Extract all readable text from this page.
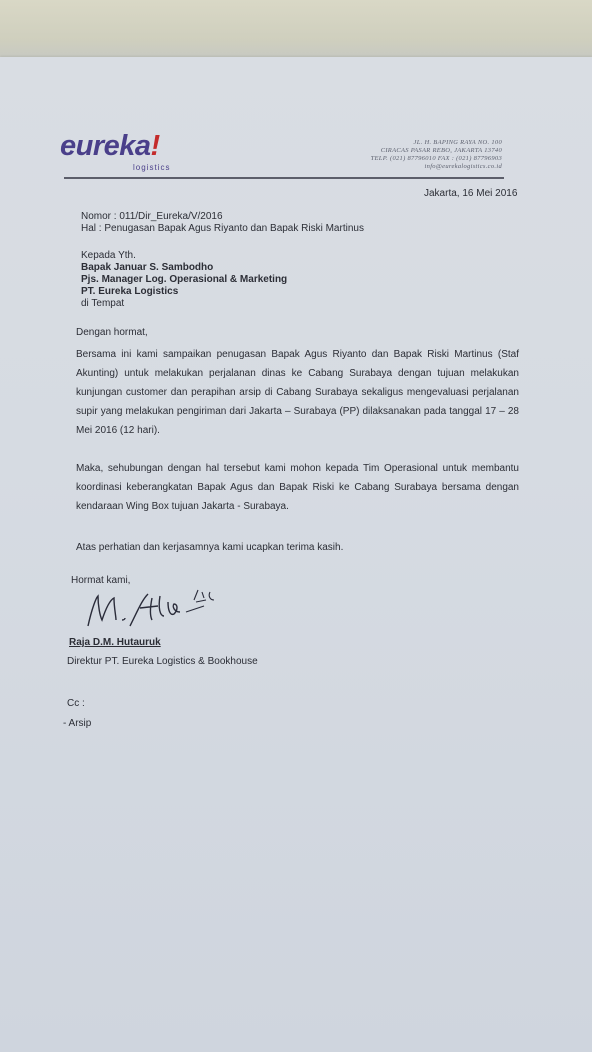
eureka!
logistics
JL. H. BAPING RAYA NO. 100
CIRACAS PASAR REBO, JAKARTA 13740
TELP. (021) 87796010 FAX : (021) 87796903
info@eurekalogistics.co.id
Jakarta, 16 Mei 2016
Nomor : 011/Dir_Eureka/V/2016
Hal : Penugasan Bapak Agus Riyanto dan Bapak Riski Martinus
Kepada Yth.
Bapak Januar S. Sambodho
Pjs. Manager Log. Operasional & Marketing
PT. Eureka Logistics
di Tempat
Dengan hormat,
Bersama ini kami sampaikan penugasan Bapak Agus Riyanto dan Bapak Riski Martinus (Staf Akunting) untuk melakukan perjalanan dinas ke Cabang Surabaya dengan tujuan melakukan kunjungan customer dan perapihan arsip di Cabang Surabaya sekaligus mengevaluasi perjalanan supir yang melakukan pengiriman dari Jakarta – Surabaya (PP) dilaksanakan pada tanggal 17 – 28 Mei 2016 (12 hari).
Maka, sehubungan dengan hal tersebut kami mohon kepada Tim Operasional untuk membantu koordinasi keberangkatan Bapak Agus dan Bapak Riski ke Cabang Surabaya bersama dengan kendaraan Wing Box tujuan Jakarta - Surabaya.
Atas perhatian dan kerjasamnya kami ucapkan terima kasih.
Hormat kami,
Raja D.M. Hutauruk
Direktur PT. Eureka Logistics & Bookhouse
Cc :
- Arsip
